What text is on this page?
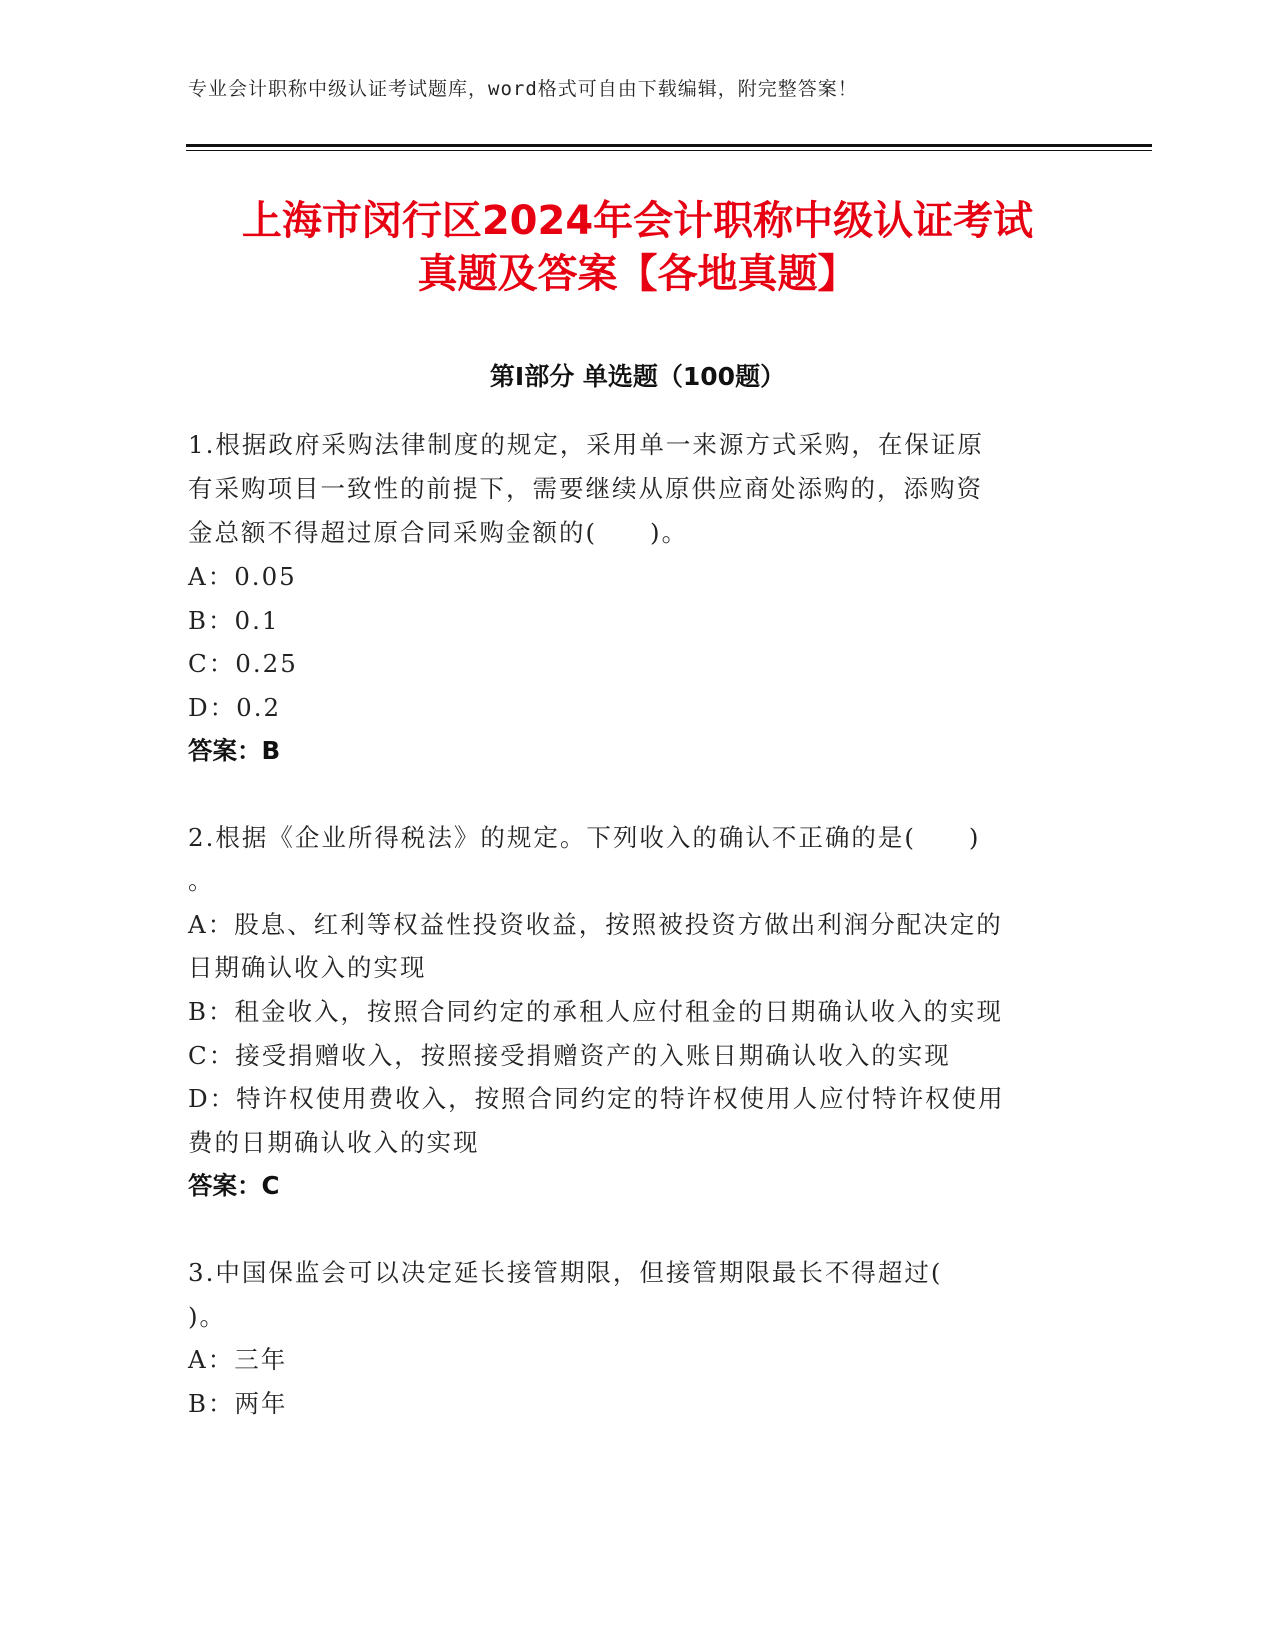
专业会计职称中级认证考试题库，word格式可自由下载编辑，附完整答案！
上海市闵行区2024年会计职称中级认证考试
真题及答案【各地真题】
第Ⅰ部分 单选题（100题）
1.根据政府采购法律制度的规定，采用单一来源方式采购，在保证原
有采购项目一致性的前提下，需要继续从原供应商处添购的，添购资
金总额不得超过原合同采购金额的(　　)。
A：0.05
B：0.1
C：0.25
D：0.2
答案：B
2.根据《企业所得税法》的规定。下列收入的确认不正确的是(　　)
。
A：股息、红利等权益性投资收益，按照被投资方做出利润分配决定的
日期确认收入的实现
B：租金收入，按照合同约定的承租人应付租金的日期确认收入的实现
C：接受捐赠收入，按照接受捐赠资产的入账日期确认收入的实现
D：特许权使用费收入，按照合同约定的特许权使用人应付特许权使用
费的日期确认收入的实现
答案：C
3.中国保监会可以决定延长接管期限，但接管期限最长不得超过(
)。
A：三年
B：两年
